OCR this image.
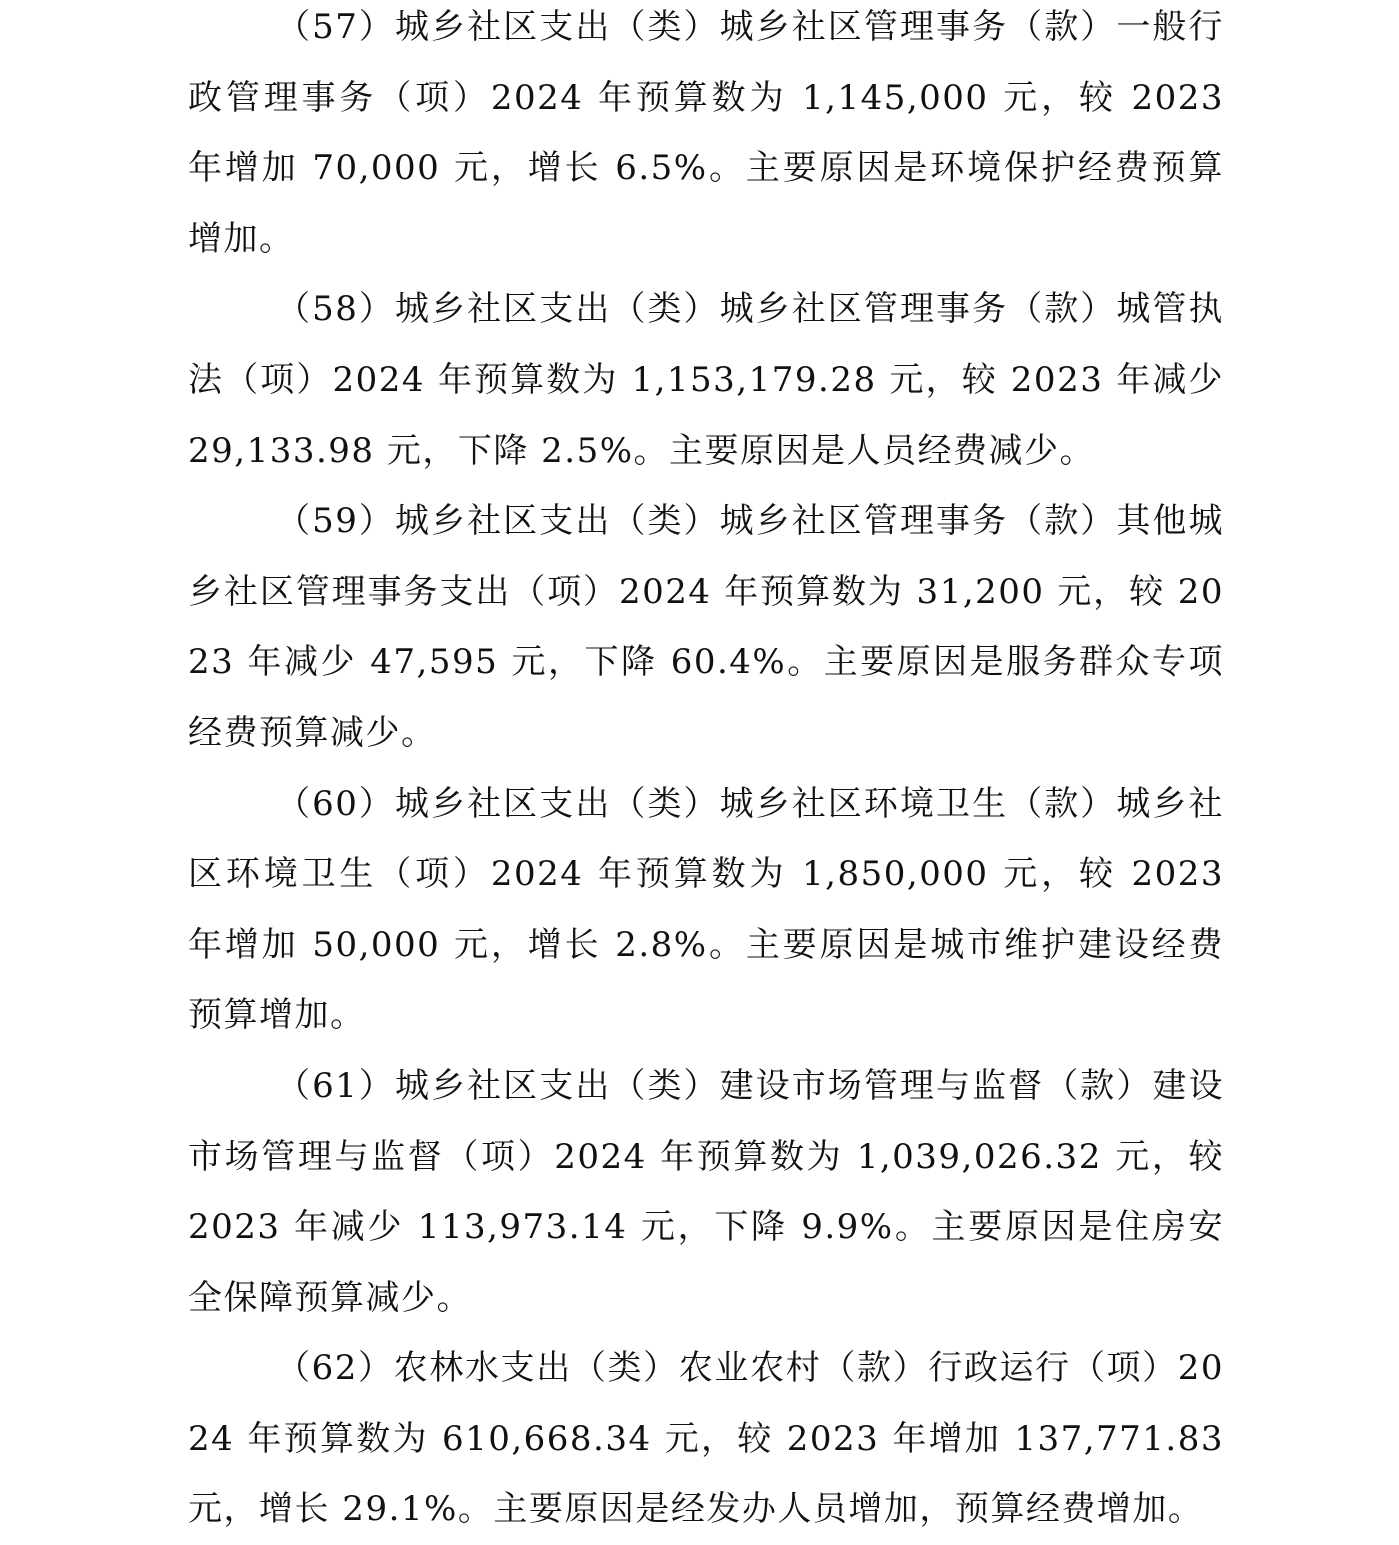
（57）城乡社区支出（类）城乡社区管理事务（款）一般行政管理事务（项）2024 年预算数为 1,145,000 元，较 2023 年增加 70,000 元，增长 6.5%。主要原因是环境保护经费预算增加。

（58）城乡社区支出（类）城乡社区管理事务（款）城管执法（项）2024 年预算数为 1,153,179.28 元，较 2023 年减少 29,133.98 元，下降 2.5%。主要原因是人员经费减少。

（59）城乡社区支出（类）城乡社区管理事务（款）其他城乡社区管理事务支出（项）2024 年预算数为 31,200 元，较 2023 年减少 47,595 元，下降 60.4%。主要原因是服务群众专项经费预算减少。

（60）城乡社区支出（类）城乡社区环境卫生（款）城乡社区环境卫生（项）2024 年预算数为 1,850,000 元，较 2023 年增加 50,000 元，增长 2.8%。主要原因是城市维护建设经费预算增加。

（61）城乡社区支出（类）建设市场管理与监督（款）建设市场管理与监督（项）2024 年预算数为 1,039,026.32 元，较 2023 年减少 113,973.14 元，下降 9.9%。主要原因是住房安全保障预算减少。

（62）农林水支出（类）农业农村（款）行政运行（项）2024 年预算数为 610,668.34 元，较 2023 年增加 137,771.83 元，增长 29.1%。主要原因是经发办人员增加，预算经费增加。
